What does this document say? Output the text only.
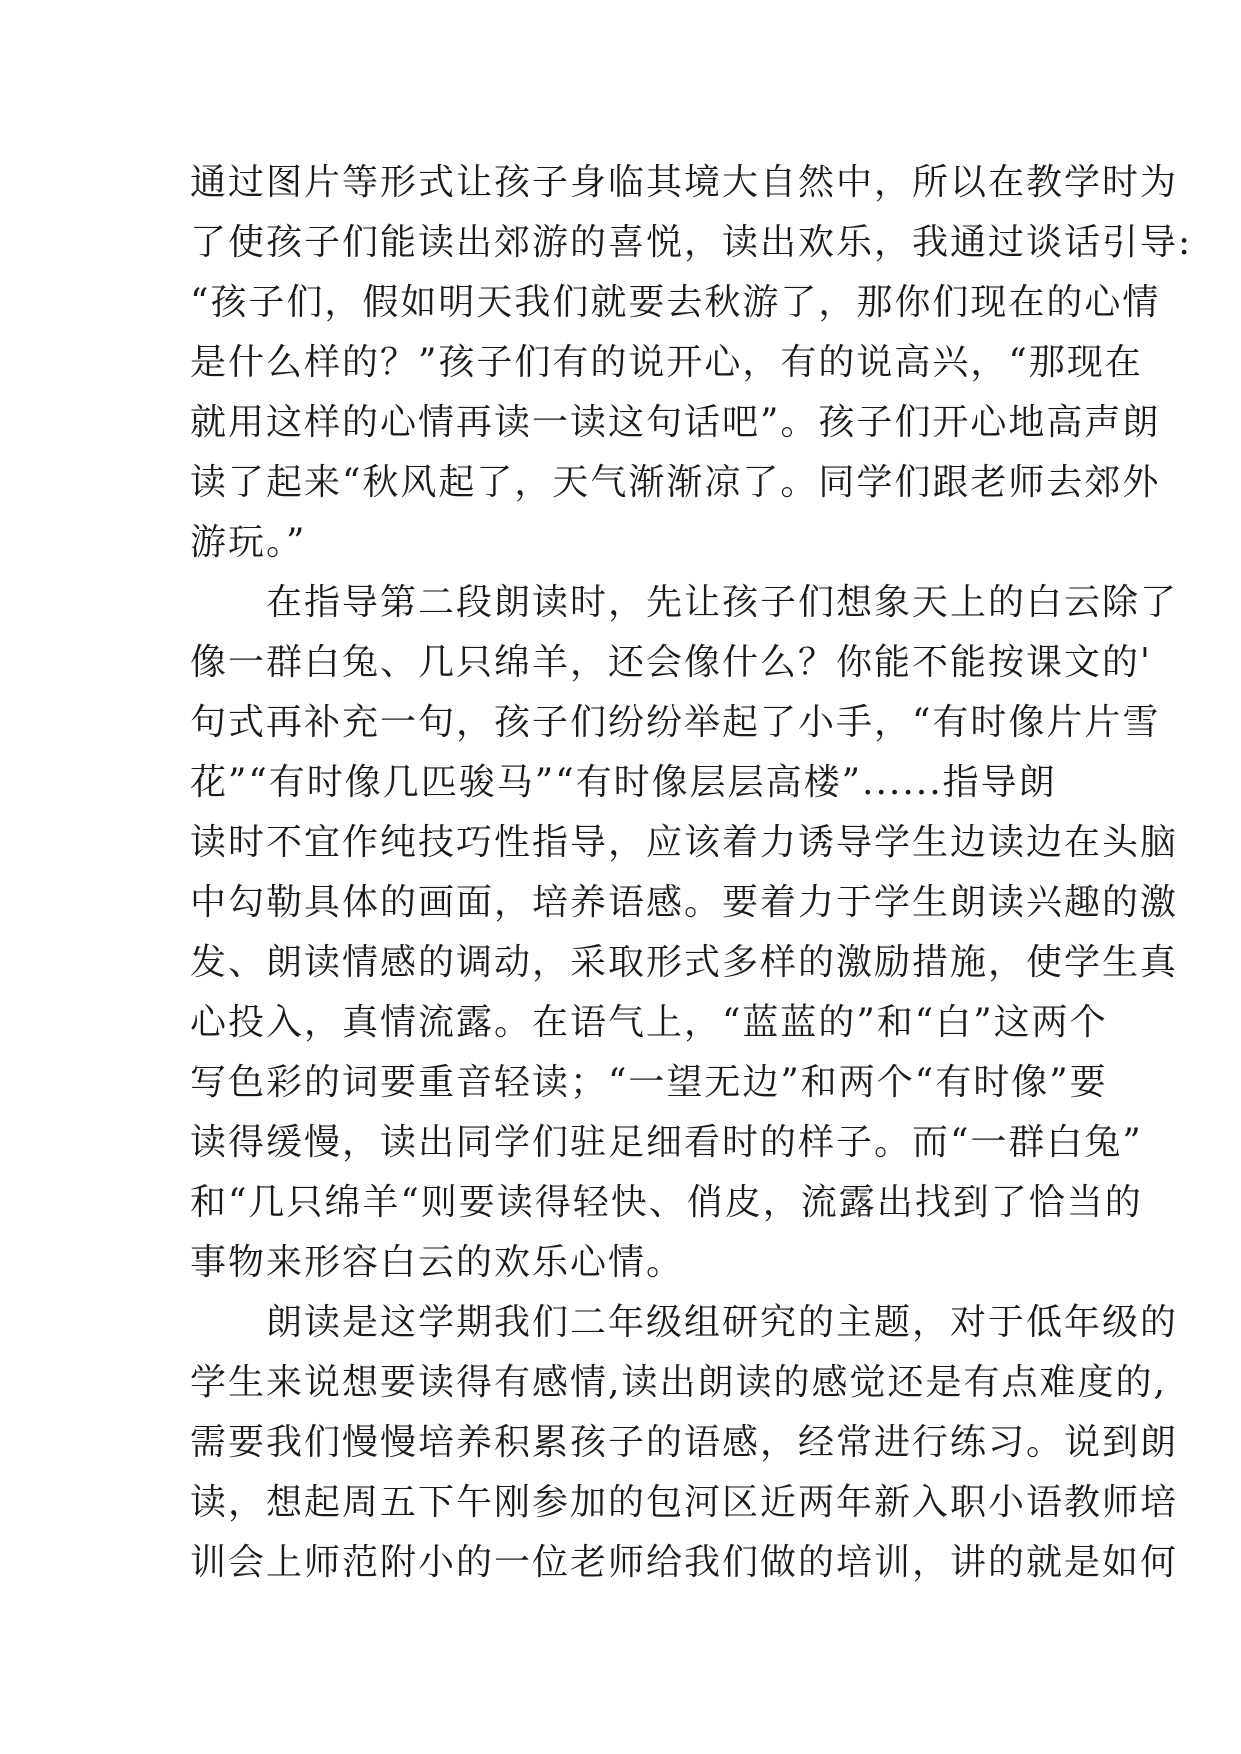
通过图片等形式让孩子身临其境大自然中，所以在教学时为
了使孩子们能读出郊游的喜悦，读出欢乐，我通过谈话引导:
“孩子们，假如明天我们就要去秋游了，那你们现在的心情
是什么样的？”孩子们有的说开心，有的说高兴，“那现在
就用这样的心情再读一读这句话吧”。孩子们开心地高声朗
读了起来“秋风起了，天气渐渐凉了。同学们跟老师去郊外
游玩。”
　　在指导第二段朗读时，先让孩子们想象天上的白云除了
像一群白兔、几只绵羊，还会像什么？你能不能按课文的'
句式再补充一句，孩子们纷纷举起了小手，“有时像片片雪
花”“有时像几匹骏马”“有时像层层高楼”......指导朗
读时不宜作纯技巧性指导，应该着力诱导学生边读边在头脑
中勾勒具体的画面，培养语感。要着力于学生朗读兴趣的激
发、朗读情感的调动，采取形式多样的激励措施，使学生真
心投入，真情流露。在语气上，“蓝蓝的”和“白”这两个
写色彩的词要重音轻读；“一望无边”和两个“有时像”要
读得缓慢，读出同学们驻足细看时的样子。而“一群白兔”
和“几只绵羊“则要读得轻快、俏皮，流露出找到了恰当的
事物来形容白云的欢乐心情。
　　朗读是这学期我们二年级组研究的主题，对于低年级的
学生来说想要读得有感情,读出朗读的感觉还是有点难度的,
需要我们慢慢培养积累孩子的语感，经常进行练习。说到朗
读，想起周五下午刚参加的包河区近两年新入职小语教师培
训会上师范附小的一位老师给我们做的培训，讲的就是如何
